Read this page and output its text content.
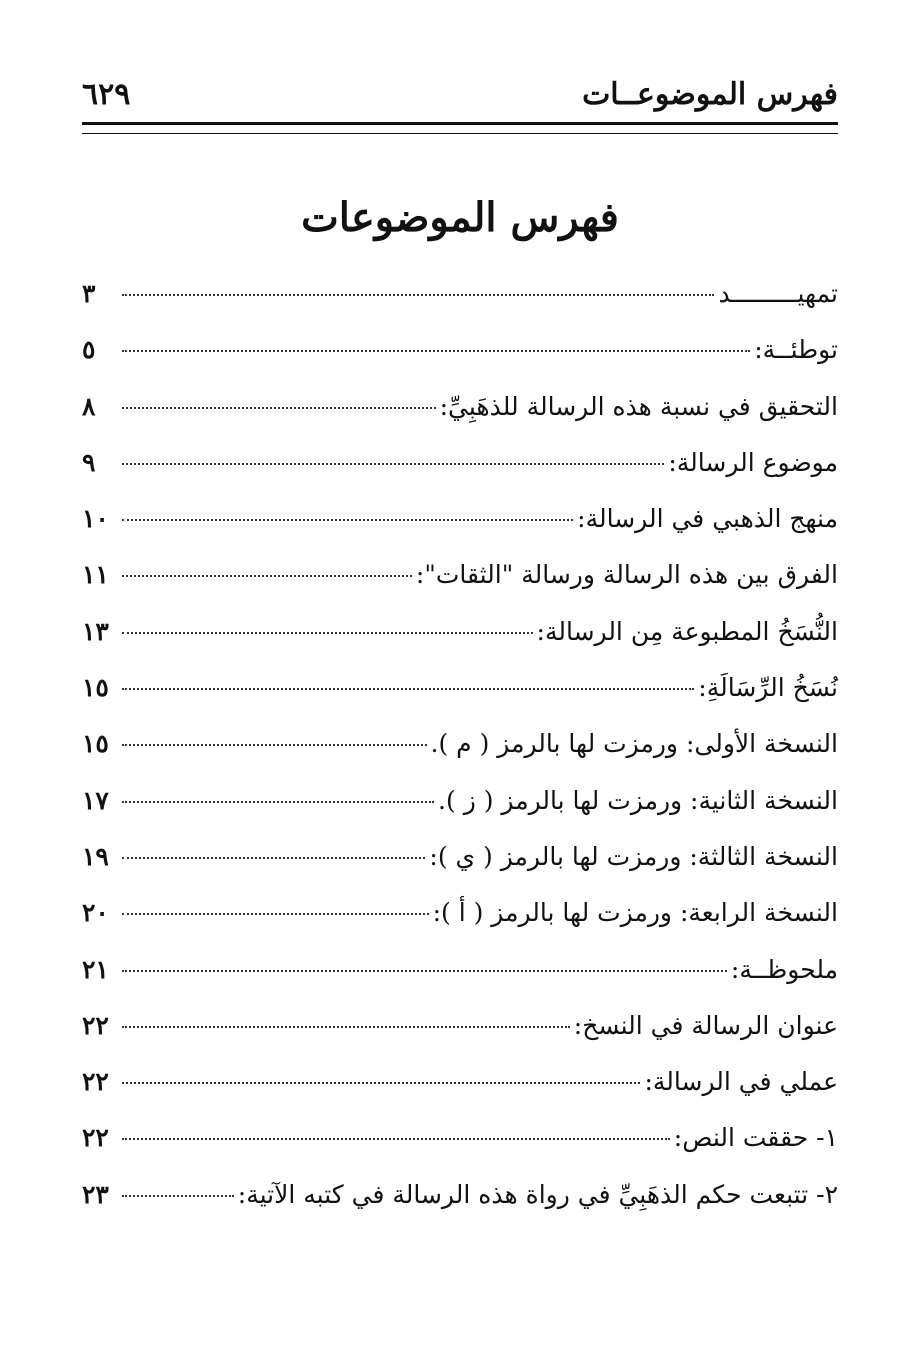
فهرس الموضوعــات
٦٢٩
فهرس الموضوعات
تمهيـــــــــد
٣
توطئــة:
٥
التحقيق في نسبة هذه الرسالة للذهَبِيِّ:
٨
موضوع الرسالة:
٩
منهج الذهبي في الرسالة:
١٠
الفرق بين هذه الرسالة ورسالة "الثقات":
١١
النُّسَخُ المطبوعة مِن الرسالة:
١٣
نُسَخُ الرِّسَالَةِ:
١٥
النسخة الأولى: ورمزت لها بالرمز ( م ).
١٥
النسخة الثانية: ورمزت لها بالرمز ( ز ).
١٧
النسخة الثالثة: ورمزت لها بالرمز ( ي ):
١٩
النسخة الرابعة: ورمزت لها بالرمز ( أ ):
٢٠
ملحوظــة:
٢١
عنوان الرسالة في النسخ:
٢٢
عملي في الرسالة:
٢٢
١- حققت النص:
٢٢
٢- تتبعت حكم الذهَبِيِّ في رواة هذه الرسالة في كتبه الآتية:
٢٣
